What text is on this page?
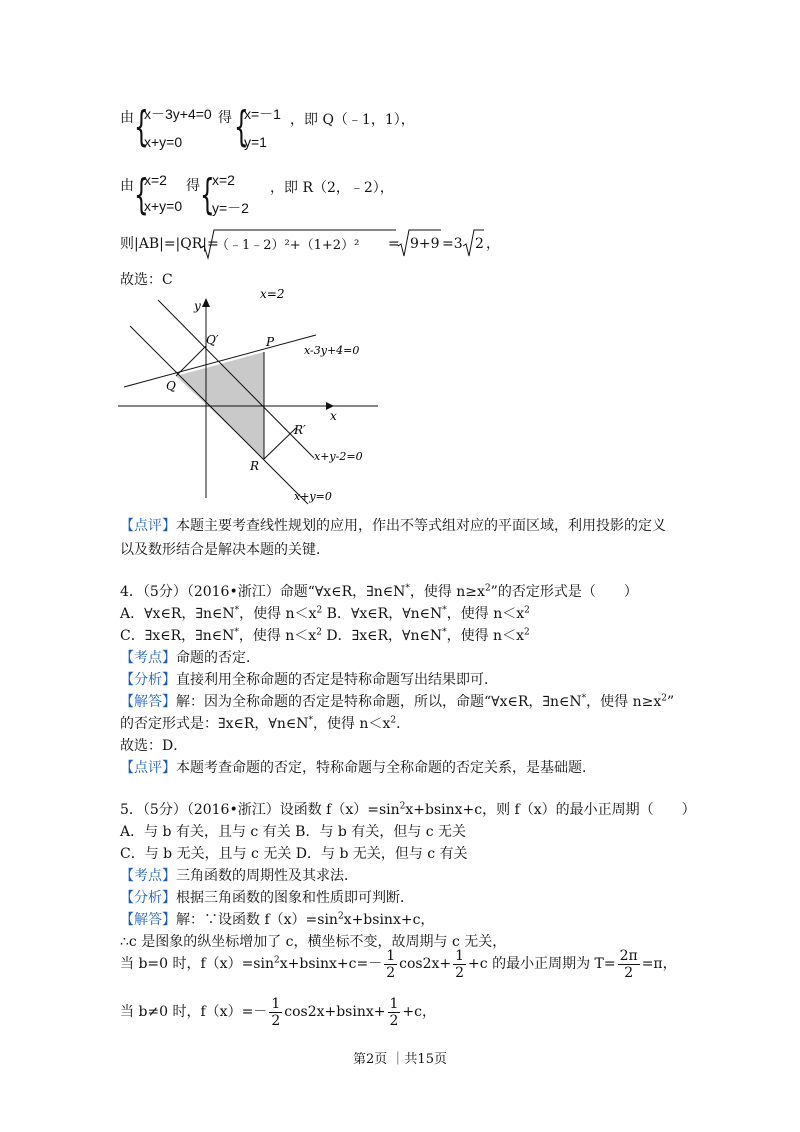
由 {
x－3y+4=0
x+y=0
得 {
x=－1
y=1
，即 Q（﹣1，1），
由 {
x=2
x+y=0
得 {
x=2
y=－2
，即 R（2，﹣2），
则|AB|=|QR|=
（﹣1﹣2）²+（1+2）² = 9+9 =3 2 ，
故选：C
x=2
y
x
Q′	P
Q
R′
R
x-3y+4=0
x+y-2=0
x+y=0
【点评】本题主要考查线性规划的应用，作出不等式组对应的平面区域，利用投影的定义
以及数形结合是解决本题的关键．
4．（5分）（2016•浙江）命题“∀x∈R，∃n∈N*，使得 $n\ge x^2$”的否定形式是（　　）
A．∀x∈R，∃n∈N*，使得 $n<x^2$ B．∀x∈R，∀n∈N*，使得 $n<x^2$
C．∃x∈R，∃n∈N*，使得 $n<x^2$ D．∃x∈R，∀n∈N*，使得 $n<x^2$
【考点】命题的否定．
【分析】直接利用全称命题的否定是特称命题写出结果即可．
【解答】解：因为全称命题的否定是特称命题，所以，命题“∀x∈R，∃n∈N*，使得 $n\ge x^2$”
的否定形式是：∃x∈R，∀n∈N*，使得 $n<x^2$．
故选：D．
【点评】本题考查命题的否定，特称命题与全称命题的否定关系，是基础题．
5．（5分）（2016•浙江）设函数 $f(x)=\sin^2x+bsinx+c$，则 f（x）的最小正周期（　　）
A．与 b 有关，且与 c 有关 B．与 b 有关，但与 c 无关
C．与 b 无关，且与 c 无关 D．与 b 无关，但与 c 有关
【考点】三角函数的周期性及其求法．
【分析】根据三角函数的图象和性质即可判断．
【解答】解：∵设函数 $f(x)=\sin^2x+bsinx+c$，
∴c 是图象的纵坐标增加了 c，横坐标不变，故周期与 c 无关，
当 b=0 时，$f(x)=\sin^2x+bsinx+c=- \frac{1}{2} \cos 2x+ \frac{1}{2} +c$ 的最小正周期为 $T= \frac{2\pi}{2} =\pi$，
当 b≠0 时，$f(x)=- \frac{1}{2} \cos 2x+bsinx+ \frac{1}{2} +c$，
第2页 ｜共15页
